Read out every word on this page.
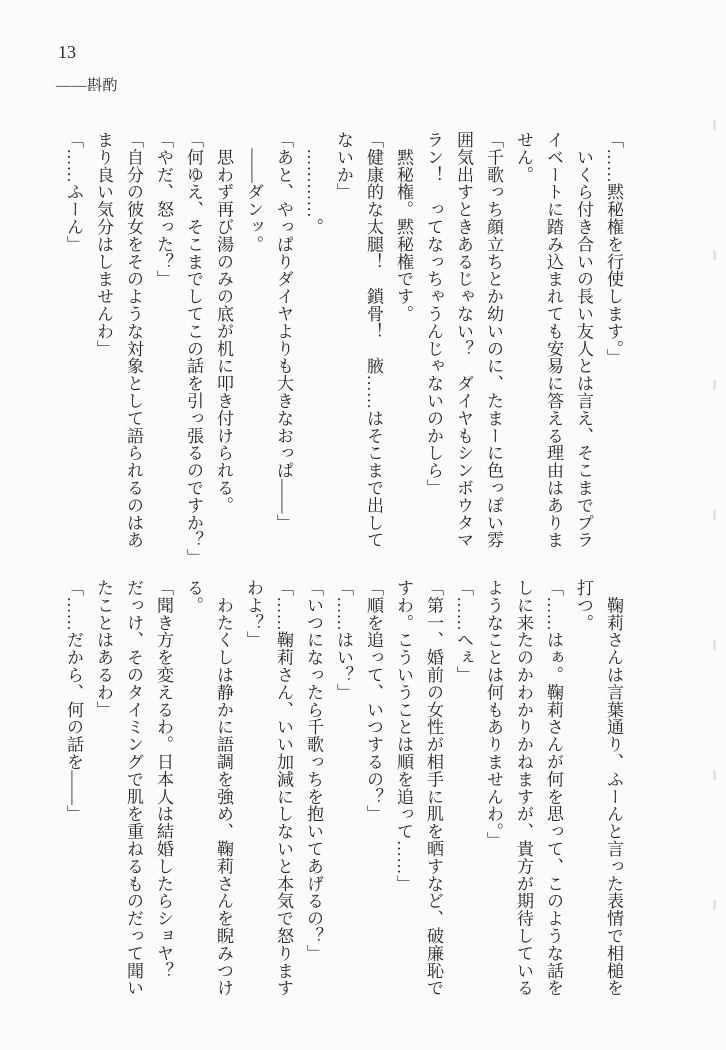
13
――斟酌
「……黙秘権を行使します。」
　いくら付き合いの長い友人とは言え、そこまでプラ
イベートに踏み込まれても安易に答える理由はありま
せん。
「千歌っち顔立ちとか幼いのに、たまーに色っぽい雰
囲気出すときあるじゃない？　ダイヤもシンボウタマ
ラン！　ってなっちゃうんじゃないのかしら」
　黙秘権。黙秘権です。
「健康的な太腿！　鎖骨！　腋……はそこまで出して
ないか」
　…………。
「あと、やっぱりダイヤよりも大きなおっぱ――」
　――ダンッ。
　思わず再び湯のみの底が机に叩き付けられる。
「何ゆえ、そこまでしてこの話を引っ張るのですか？」
「やだ、怒った？」
「自分の彼女をそのような対象として語られるのはあ
まり良い気分はしませんわ」
「……ふーん」
　鞠莉さんは言葉通り、ふーんと言った表情で相槌を
打つ。
「……はぁ。鞠莉さんが何を思って、このような話を
しに来たのかわかりかねますが、貴方が期待している
ようなことは何もありませんわ。」
「……へぇ」
「第一、婚前の女性が相手に肌を晒すなど、破廉恥で
すわ。こういうことは順を追って……」
「順を追って、いつするの？」
「……はい？」
「いつになったら千歌っちを抱いてあげるの？」
「……鞠莉さん、いい加減にしないと本気で怒ります
わよ？」
　わたくしは静かに語調を強め、鞠莉さんを睨みつけ
る。
「聞き方を変えるわ。日本人は結婚したらショヤ？
だっけ、そのタイミングで肌を重ねるものだって聞い
たことはあるわ」
「……だから、何の話を――」
